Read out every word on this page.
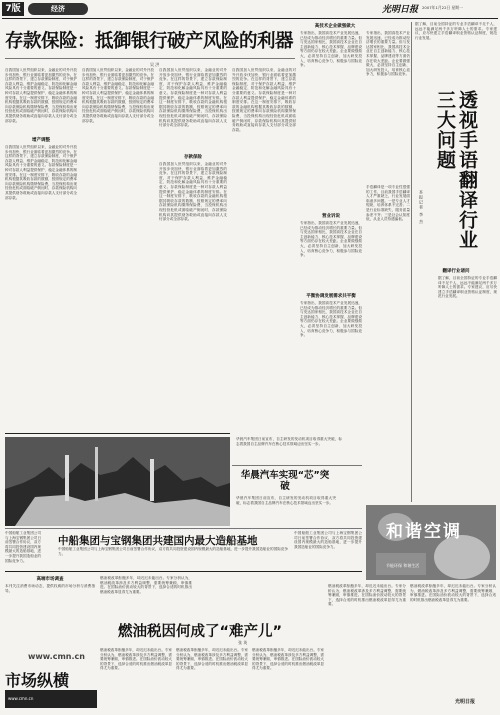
7版	经济	光明日报 2007年1月22日 星期一
存款保险：抵御银行破产风险的利器
吴 洪
自我国加入世贸组织以来，金融业的对外开放步伐加快，银行业面临着更加激烈的竞争。在这样的背景下，建立存款保险制度，对于保护存款人利益、维护金融稳定、防范和化解金融风险具有十分重要的意义。存款保险制度是一种对存款人利益提供保护、稳定金融体系的制度安排。在这一制度安排下，吸收存款的金融机构根据其吸收存款的数额，按照规定的费率向存款保险机构缴纳保险费，当投保机构出现经营危机或面临破产倒闭时，存款保险机构向其提供财务救助或直接向存款人支付部分或全部存款。
增产调整
自我国加入世贸组织以来，金融业的对外开放步伐加快，银行业面临着更加激烈的竞争。在这样的背景下，建立存款保险制度，对于保护存款人利益、维护金融稳定、防范和化解金融风险具有十分重要的意义。存款保险制度是一种对存款人利益提供保护、稳定金融体系的制度安排。在这一制度安排下，吸收存款的金融机构根据其吸收存款的数额，按照规定的费率向存款保险机构缴纳保险费，当投保机构出现经营危机或面临破产倒闭时，存款保险机构向其提供财务救助或直接向存款人支付部分或全部存款。
自我国加入世贸组织以来，金融业的对外开放步伐加快，银行业面临着更加激烈的竞争。在这样的背景下，建立存款保险制度，对于保护存款人利益、维护金融稳定、防范和化解金融风险具有十分重要的意义。存款保险制度是一种对存款人利益提供保护、稳定金融体系的制度安排。在这一制度安排下，吸收存款的金融机构根据其吸收存款的数额，按照规定的费率向存款保险机构缴纳保险费，当投保机构出现经营危机或面临破产倒闭时，存款保险机构向其提供财务救助或直接向存款人支付部分或全部存款。
自我国加入世贸组织以来，金融业的对外开放步伐加快，银行业面临着更加激烈的竞争。在这样的背景下，建立存款保险制度，对于保护存款人利益、维护金融稳定、防范和化解金融风险具有十分重要的意义。存款保险制度是一种对存款人利益提供保护、稳定金融体系的制度安排。在这一制度安排下，吸收存款的金融机构根据其吸收存款的数额，按照规定的费率向存款保险机构缴纳保险费，当投保机构出现经营危机或面临破产倒闭时，存款保险机构向其提供财务救助或直接向存款人支付部分或全部存款。
存款保险
自我国加入世贸组织以来，金融业的对外开放步伐加快，银行业面临着更加激烈的竞争。在这样的背景下，建立存款保险制度，对于保护存款人利益、维护金融稳定、防范和化解金融风险具有十分重要的意义。存款保险制度是一种对存款人利益提供保护、稳定金融体系的制度安排。在这一制度安排下，吸收存款的金融机构根据其吸收存款的数额，按照规定的费率向存款保险机构缴纳保险费，当投保机构出现经营危机或面临破产倒闭时，存款保险机构向其提供财务救助或直接向存款人支付部分或全部存款。
自我国加入世贸组织以来，金融业的对外开放步伐加快，银行业面临着更加激烈的竞争。在这样的背景下，建立存款保险制度，对于保护存款人利益、维护金融稳定、防范和化解金融风险具有十分重要的意义。存款保险制度是一种对存款人利益提供保护、稳定金融体系的制度安排。在这一制度安排下，吸收存款的金融机构根据其吸收存款的数额，按照规定的费率向存款保险机构缴纳保险费，当投保机构出现经营危机或面临破产倒闭时，存款保险机构向其提供财务救助或直接向存款人支付部分或全部存款。
高技术企业做强做大
专家指出，我国高技术产业发展迅速，已经成为推动经济增长的重要力量。但与发达国家相比，我国高技术企业在自主创新能力、核心技术掌握、品牌建设等方面仍存在较大差距。企业要做强做大，必须坚持自主创新，加大研发投入，培育核心竞争力，积极参与国际竞争。
专家指出，我国高技术产业发展迅速，已经成为推动经济增长的重要力量。但与发达国家相比，我国高技术企业在自主创新能力、核心技术掌握、品牌建设等方面仍存在较大差距。企业要做强做大，必须坚持自主创新，加大研发投入，培育核心竞争力，积极参与国际竞争。
营业诉说
专家指出，我国高技术产业发展迅速，已经成为推动经济增长的重要力量。但与发达国家相比，我国高技术企业在自主创新能力、核心技术掌握、品牌建设等方面仍存在较大差距。企业要做强做大，必须坚持自主创新，加大研发投入，培育核心竞争力，积极参与国际竞争。
平衡协调发展需求共平衡
专家指出，我国高技术产业发展迅速，已经成为推动经济增长的重要力量。但与发达国家相比，我国高技术企业在自主创新能力、核心技术掌握、品牌建设等方面仍存在较大差距。企业要做强做大，必须坚持自主创新，加大研发投入，培育核心竞争力，积极参与国际竞争。
透视手语翻译行业三大问题
本报记者 李 杰
手语翻译是一项专业性很强的工作，目前我国手语翻译人才严重缺乏，行业发展面临诸多问题。一是专业人才短缺，培养体系不完善；二是行业标准缺失，服务质量参差不齐；三是社会认知度低，从业人员待遇偏低。
据了解，目前全国持证的专业手语翻译不足千人，远远不能满足两千多万听障人士的需求。专家建议，应尽快建立手语翻译职业资格认证制度，规范行业发展。
翻译行业诸问
据了解，目前全国持证的专业手语翻译不足千人，远远不能满足两千多万听障人士的需求。专家建议，应尽快建立手语翻译职业资格认证制度，规范行业发展。
华晨汽车集团日前宣布，自主研发的发动机项目取得重大突破，标志着我国自主品牌汽车在核心技术领域迈出坚实一步。
华晨汽车实现“芯”突破
华晨汽车集团日前宣布，自主研发的发动机项目取得重大突破，标志着我国自主品牌汽车在核心技术领域迈出坚实一步。
和谐空调
节能环保 和谐生活
中国船舶工业集团公司与上海宝钢集团公司日前签署合作协议，双方将共同投资建设国内规模最大的造船基地，进一步提升我国造船业的国际竞争力。
中船集团与宝钢集团共建国内最大造船基地
中国船舶工业集团公司与上海宝钢集团公司日前签署合作协议，双方将共同投资建设国内规模最大的造船基地，进一步提升我国造船业的国际竞争力。
中国船舶工业集团公司与上海宝钢集团公司日前签署合作协议，双方将共同投资建设国内规模最大的造船基地，进一步提升我国造船业的国际竞争力。
高端市场调查
本刊关注消费市场动态，提供权威的市场分析与消费指导。
www.cmn.cn
市场纵横
www.cmn.cn
燃油税改革酝酿多年，却迟迟未能出台。专家分析认为，燃油税改革涉及多方利益调整，需要统筹兼顾，审慎推进。在国际油价波动较大的背景下，选择合适的时机推出燃油税改革显得尤为重要。
燃油税因何成了“难产儿”
张 英
燃油税改革酝酿多年，却迟迟未能出台。专家分析认为，燃油税改革涉及多方利益调整，需要统筹兼顾，审慎推进。在国际油价波动较大的背景下，选择合适的时机推出燃油税改革显得尤为重要。
燃油税改革酝酿多年，却迟迟未能出台。专家分析认为，燃油税改革涉及多方利益调整，需要统筹兼顾，审慎推进。在国际油价波动较大的背景下，选择合适的时机推出燃油税改革显得尤为重要。
燃油税改革酝酿多年，却迟迟未能出台。专家分析认为，燃油税改革涉及多方利益调整，需要统筹兼顾，审慎推进。在国际油价波动较大的背景下，选择合适的时机推出燃油税改革显得尤为重要。
燃油税改革酝酿多年，却迟迟未能出台。专家分析认为，燃油税改革涉及多方利益调整，需要统筹兼顾，审慎推进。在国际油价波动较大的背景下，选择合适的时机推出燃油税改革显得尤为重要。
燃油税改革酝酿多年，却迟迟未能出台。专家分析认为，燃油税改革涉及多方利益调整，需要统筹兼顾，审慎推进。在国际油价波动较大的背景下，选择合适的时机推出燃油税改革显得尤为重要。
光明日报
